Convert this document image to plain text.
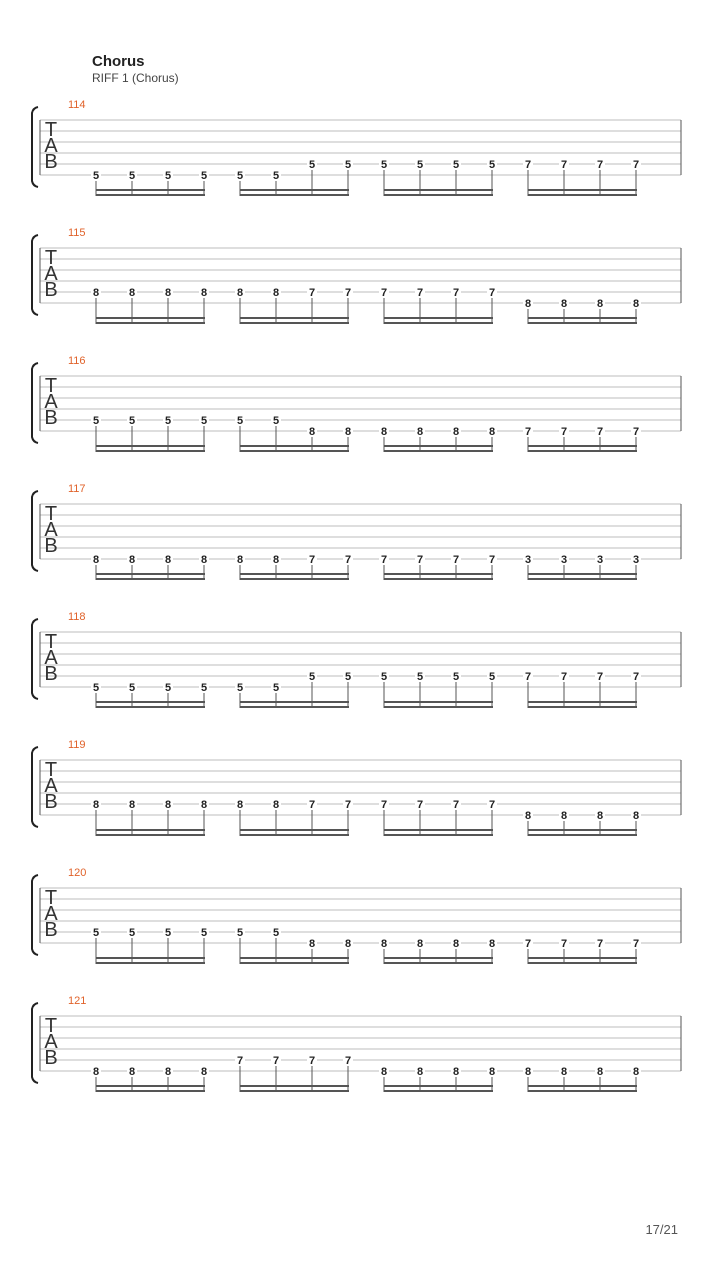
Chorus
RIFF 1 (Chorus)
114
T
A
B
5	5	5	5	5	5
5	5	5	5	5	5	7	7	7	7
115
T
A
B	8	8	8	8	8	8	7	7	7	7	7	7
8	8	8	8
116
T
A
B	5	5	5	5	5	5
8	8	8	8	8	8	7	7	7	7
117
T
A
B
8	8	8	8	8	8	7	7	7	7	7	7	3	3	3	3
118
T
A
B
5	5	5	5	5	5
5	5	5	5	5	5	7	7	7	7
119
T
A
B	8	8	8	8	8	8	7	7	7	7	7	7
8	8	8	8
120
T
A
B	5	5	5	5	5	5
8	8	8	8	8	8	7	7	7	7
121
T
A
B
8	8	8	8
7	7	7	7
8	8	8	8	8	8	8	8
17/21
